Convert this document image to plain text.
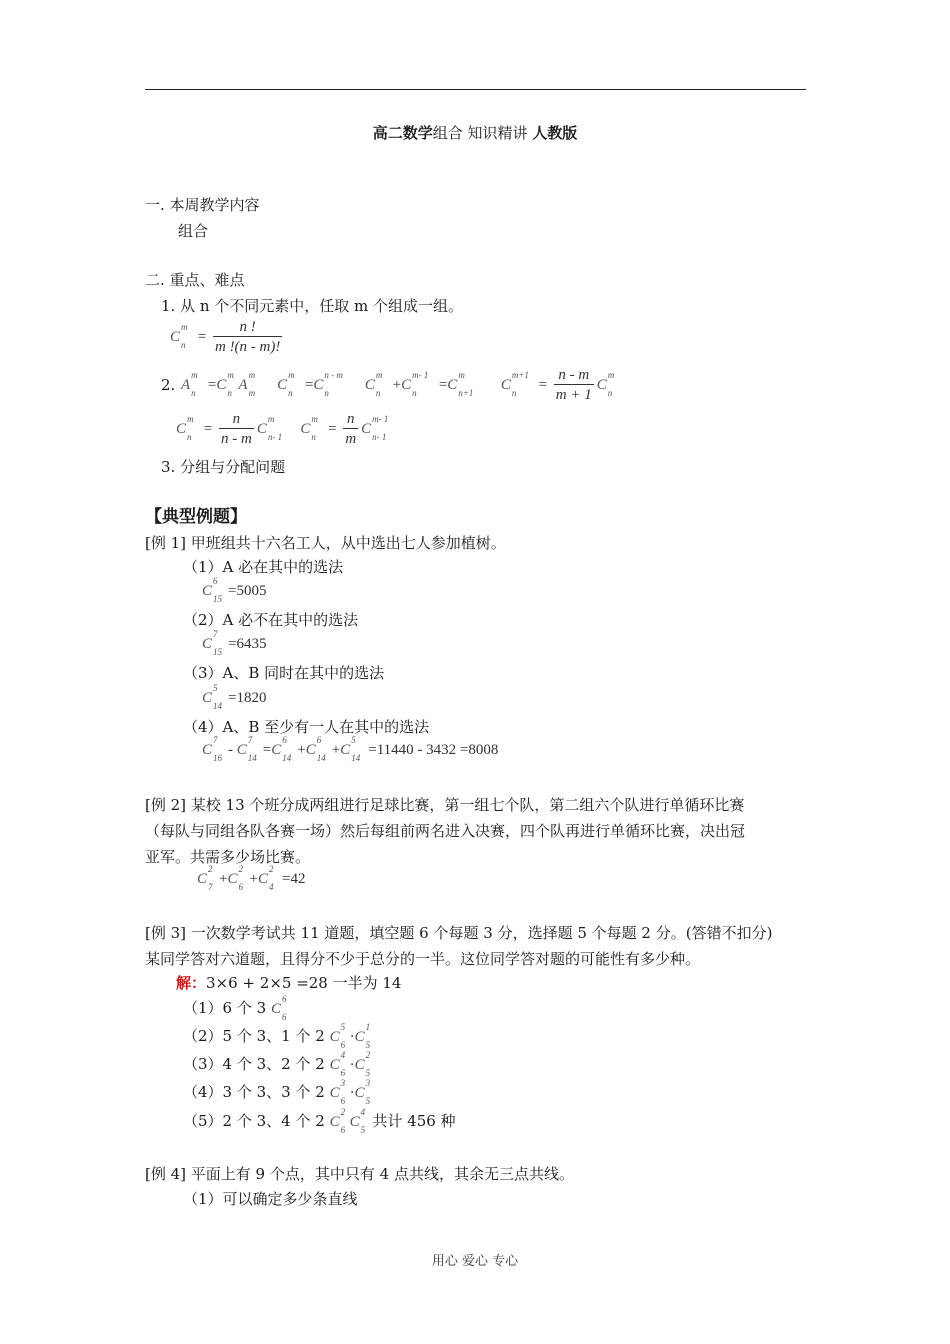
高二数学组合 知识精讲 人教版
一. 本周教学内容
组合
二. 重点、难点
1. 从 n 个不同元素中，任取 m 个组成一组。
C
m
$n = \frac{n !}{m !(n - m)!}$
2. A
m
n =C
m
n A
m
m C
m
n =C
n - m
n C
m
n +C
m- 1
n =C
m
n+1 C
m+1
$n = \frac{n - m}{m + 1}$ C
m
n
C
m
$n = \frac{n}{n - m}$ C
m
n- 1 C
m
$n = \frac{n}{m}$ C
m- 1
n- 1
3. 分组与分配问题
【典型例题】
[例 1] 甲班组共十六名工人，从中选出七人参加植树。
（1）A 必在其中的选法
C
6
15 =5005
（2）A 必不在其中的选法
C
7
15 =6435
（3）A、B 同时在其中的选法
C
5
14 =1820
（4）A、B 至少有一人在其中的选法
C
7
16 - C
7
14 =C
6
14 +C
6
14 +C
5
14 =11440 - 3432 =8008
[例 2] 某校 13 个班分成两组进行足球比赛，第一组七个队，第二组六个队进行单循环比赛
（每队与同组各队各赛一场）然后每组前两名进入决赛，四个队再进行单循环比赛，决出冠
亚军。共需多少场比赛。
C
2
7 +C
2
6 +C
2
4 =42
[例 3] 一次数学考试共 11 道题，填空题 6 个每题 3 分，选择题 5 个每题 2 分。(答错不扣分)
某同学答对六道题，且得分不少于总分的一半。这位同学答对题的可能性有多少种。
解：3×6 + 2×5 =28 一半为 14
（1）6 个 3 C
6
6
（2）5 个 3、1 个 2 C
5
6 ·C
1
5
（3）4 个 3、2 个 2 C
4
6 ·C
2
5
（4）3 个 3、3 个 2 C
3
6 ·C
3
5
（5）2 个 3、4 个 2 C
2
6 C
4
5 共计 456 种
[例 4] 平面上有 9 个点，其中只有 4 点共线，其余无三点共线。
（1）可以确定多少条直线
用心 爱心 专心
